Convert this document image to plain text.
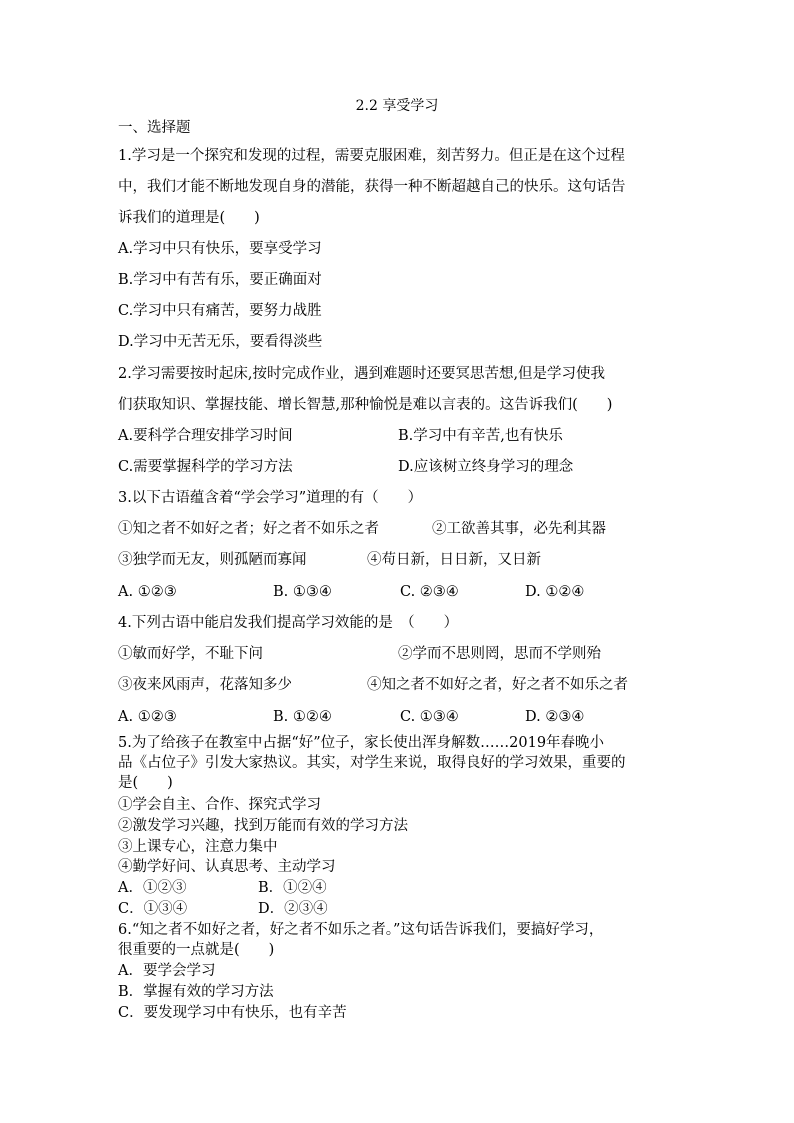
2.2 享受学习
一、选择题
1.学习是一个探究和发现的过程，需要克服困难，刻苦努力。但正是在这个过程
中，我们才能不断地发现自身的潜能，获得一种不断超越自己的快乐。这句话告
诉我们的道理是(　　)
A.学习中只有快乐，要享受学习
B.学习中有苦有乐，要正确面对
C.学习中只有痛苦，要努力战胜
D.学习中无苦无乐，要看得淡些
2.学习需要按时起床,按时完成作业，遇到难题时还要冥思苦想,但是学习使我
们获取知识、掌握技能、增长智慧,那种愉悦是难以言表的。这告诉我们(　　)
A.要科学合理安排学习时间	B.学习中有辛苦,也有快乐
C.需要掌握科学的学习方法	D.应该树立终身学习的理念
3.以下古语蕴含着“学会学习”道理的有（　　）
①知之者不如好之者；好之者不如乐之者	②工欲善其事，必先利其器
③独学而无友，则孤陋而寡闻	④苟日新，日日新，又日新
A. ①②③	B. ①③④	C. ②③④	D. ①②④
4.下列古语中能启发我们提高学习效能的是　（　　）
①敏而好学，不耻下问	②学而不思则罔，思而不学则殆
③夜来风雨声，花落知多少	④知之者不如好之者，好之者不如乐之者
A. ①②③	B. ①②④	C. ①③④	D. ②③④
5.为了给孩子在教室中占据“好”位子，家长使出浑身解数……2019年春晚小
品《占位子》引发大家热议。其实，对学生来说，取得良好的学习效果，重要的
是(　　)
①学会自主、合作、探究式学习
②激发学习兴趣，找到万能而有效的学习方法
③上课专心，注意力集中
④勤学好问、认真思考、主动学习
A．①②③	B．①②④
C．①③④	D．②③④
6.“知之者不如好之者，好之者不如乐之者。”这句话告诉我们，要搞好学习，
很重要的一点就是(　　)
A．要学会学习
B．掌握有效的学习方法
C．要发现学习中有快乐，也有辛苦
